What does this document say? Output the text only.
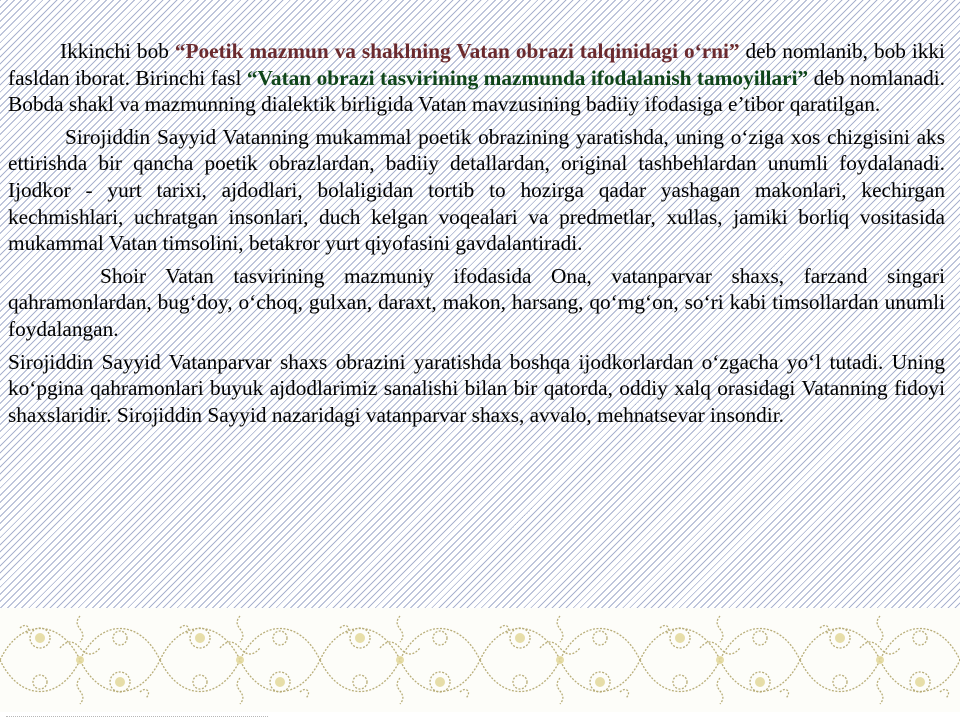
Ikkinchi bob “Poetik mazmun va shaklning Vatan obrazi talqinidagi o‘rni” deb nomlanib, bob ikki fasldan iborat. Birinchi fasl “Vatan obrazi tasvirining mazmunda ifodalanish tamoyillari” deb nomlanadi. Bobda shakl va mazmunning dialektik birligida Vatan mavzusining badiiy ifodasiga e’tibor qaratilgan.

Sirojiddin Sayyid Vatanning mukammal poetik obrazining yaratishda, uning o‘ziga xos chizgisini aks ettirishda bir qancha poetik obrazlardan, badiiy detallardan, original tashbehlardan unumli foydalanadi. Ijodkor - yurt tarixi, ajdodlari, bolaligidan tortib to hozirga qadar yashagan makonlari, kechirgan kechmishlari, uchratgan insonlari, duch kelgan voqealari va predmetlar, xullas, jamiki borliq vositasida mukammal Vatan timsolini, betakror yurt qiyofasini gavdalantiradi.

Shoir Vatan tasvirining mazmuniy ifodasida Ona, vatanparvar shaxs, farzand singari qahramonlardan, bug‘doy, o‘choq, gulxan, daraxt, makon, harsang, qo‘mg‘on, so‘ri kabi timsollardan unumli foydalangan.

Sirojiddin Sayyid Vatanparvar shaxs obrazini yaratishda boshqa ijodkorlardan o‘zgacha yo‘l tutadi. Uning ko‘pgina qahramonlari buyuk ajdodlarimiz sanalishi bilan bir qatorda, oddiy xalq orasidagi Vatanning fidoyi shaxslaridir. Sirojiddin Sayyid nazaridagi vatanparvar shaxs, avvalo, mehnatsevar insondir.
